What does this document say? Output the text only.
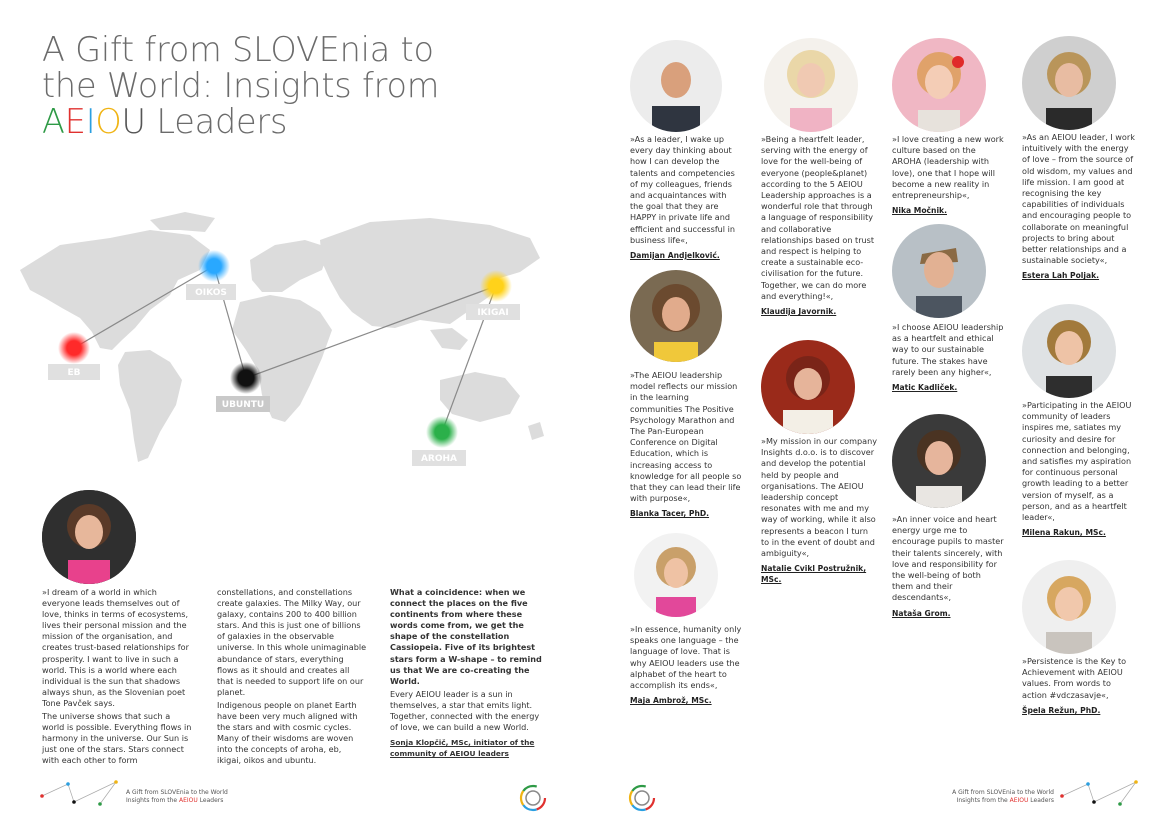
A Gift from SLOVEnia to
the World: Insights from
AEIOU Leaders
OIKOS
IKIGAI
EB
UBUNTU
AROHA

»I dream of a world in which everyone leads themselves out of love, thinks in terms of ecosystems, lives their personal mission and the mission of the organisation, and creates trust-based relationships for prosperity. I want to live in such a world. This is a world where each individual is the sun that shadows always shun, as the Slovenian poet Tone Pavček says.

The universe shows that such a world is possible. Everything flows in harmony in the universe. Our Sun is just one of the stars. Stars connect with each other to form

constellations, and constellations create galaxies. The Milky Way, our galaxy, contains 200 to 400 billion stars. And this is just one of billions of galaxies in the observable universe. In this whole unimaginable abundance of stars, everything flows as it should and creates all that is needed to support life on our planet.

Indigenous people on planet Earth have been very much aligned with the stars and with cosmic cycles. Many of their wisdoms are woven into the concepts of aroha, eb, ikigai, oikos and ubuntu.

What a coincidence: when we connect the places on the five continents from where these words come from, we get the shape of the constellation Cassiopeia. Five of its brightest stars form a W-shape – to remind us that We are co-creating the World.

Every AEIOU leader is a sun in themselves, a star that emits light. Together, connected with the energy of love, we can build a new World.

Sonja Klopčič, MSc, initiator of the community of AEIOU leaders
A Gift from SLOVEnia to the World
Insights from the AEIOU Leaders
»As a leader, I wake up every day thinking about how I can develop the talents and competencies of my colleagues, friends and acquaintances with the goal that they are HAPPY in private life and efficient and successful in business life«,
Damijan Andjelković.
»The AEIOU leadership model reflects our mission in the learning communities The Positive Psychology Marathon and The Pan-European Conference on Digital Education, which is increasing access to knowledge for all people so that they can lead their life with purpose«,
Blanka Tacer, PhD.
»In essence, humanity only speaks one language – the language of love. That is why AEIOU leaders use the alphabet of the heart to accomplish its ends«,
Maja Ambrož, MSc.
»Being a heartfelt leader, serving with the energy of love for the well-being of everyone (people&planet) according to the 5 AEIOU Leadership approaches is a wonderful role that through a language of responsibility and collaborative relationships based on trust and respect is helping to create a sustainable eco-civilisation for the future. Together, we can do more and everything!«,
Klaudija Javornik.
»My mission in our company Insights d.o.o. is to discover and develop the potential held by people and organisations. The AEIOU leadership concept resonates with me and my way of working, while it also represents a beacon I turn to in the event of doubt and ambiguity«,
Natalie Cvikl Postružnik, MSc.
»I love creating a new work culture based on the AROHA (leadership with love), one that I hope will become a new reality in entrepreneurship«,
Nika Močnik.
»I choose AEIOU leadership as a heartfelt and ethical way to our sustainable future. The stakes have rarely been any higher«,
Matic Kadliček.
»An inner voice and heart energy urge me to encourage pupils to master their talents sincerely, with love and responsibility for the well-being of both them and their descendants«,
Nataša Grom.
»As an AEIOU leader, I work intuitively with the energy of love – from the source of old wisdom, my values and life mission. I am good at recognising the key capabilities of individuals and encouraging people to collaborate on meaningful projects to bring about better relationships and a sustainable society«,
Estera Lah Poljak.
»Participating in the AEIOU community of leaders inspires me, satiates my curiosity and desire for connection and belonging, and satisfies my aspiration for continuous personal growth leading to a better version of myself, as a person, and as a heartfelt leader«,
Milena Rakun, MSc.
»Persistence is the Key to Achievement with AEIOU values. From words to action #vdczasavje«,
Špela Režun, PhD.
A Gift from SLOVEnia to the World
Insights from the AEIOU Leaders
